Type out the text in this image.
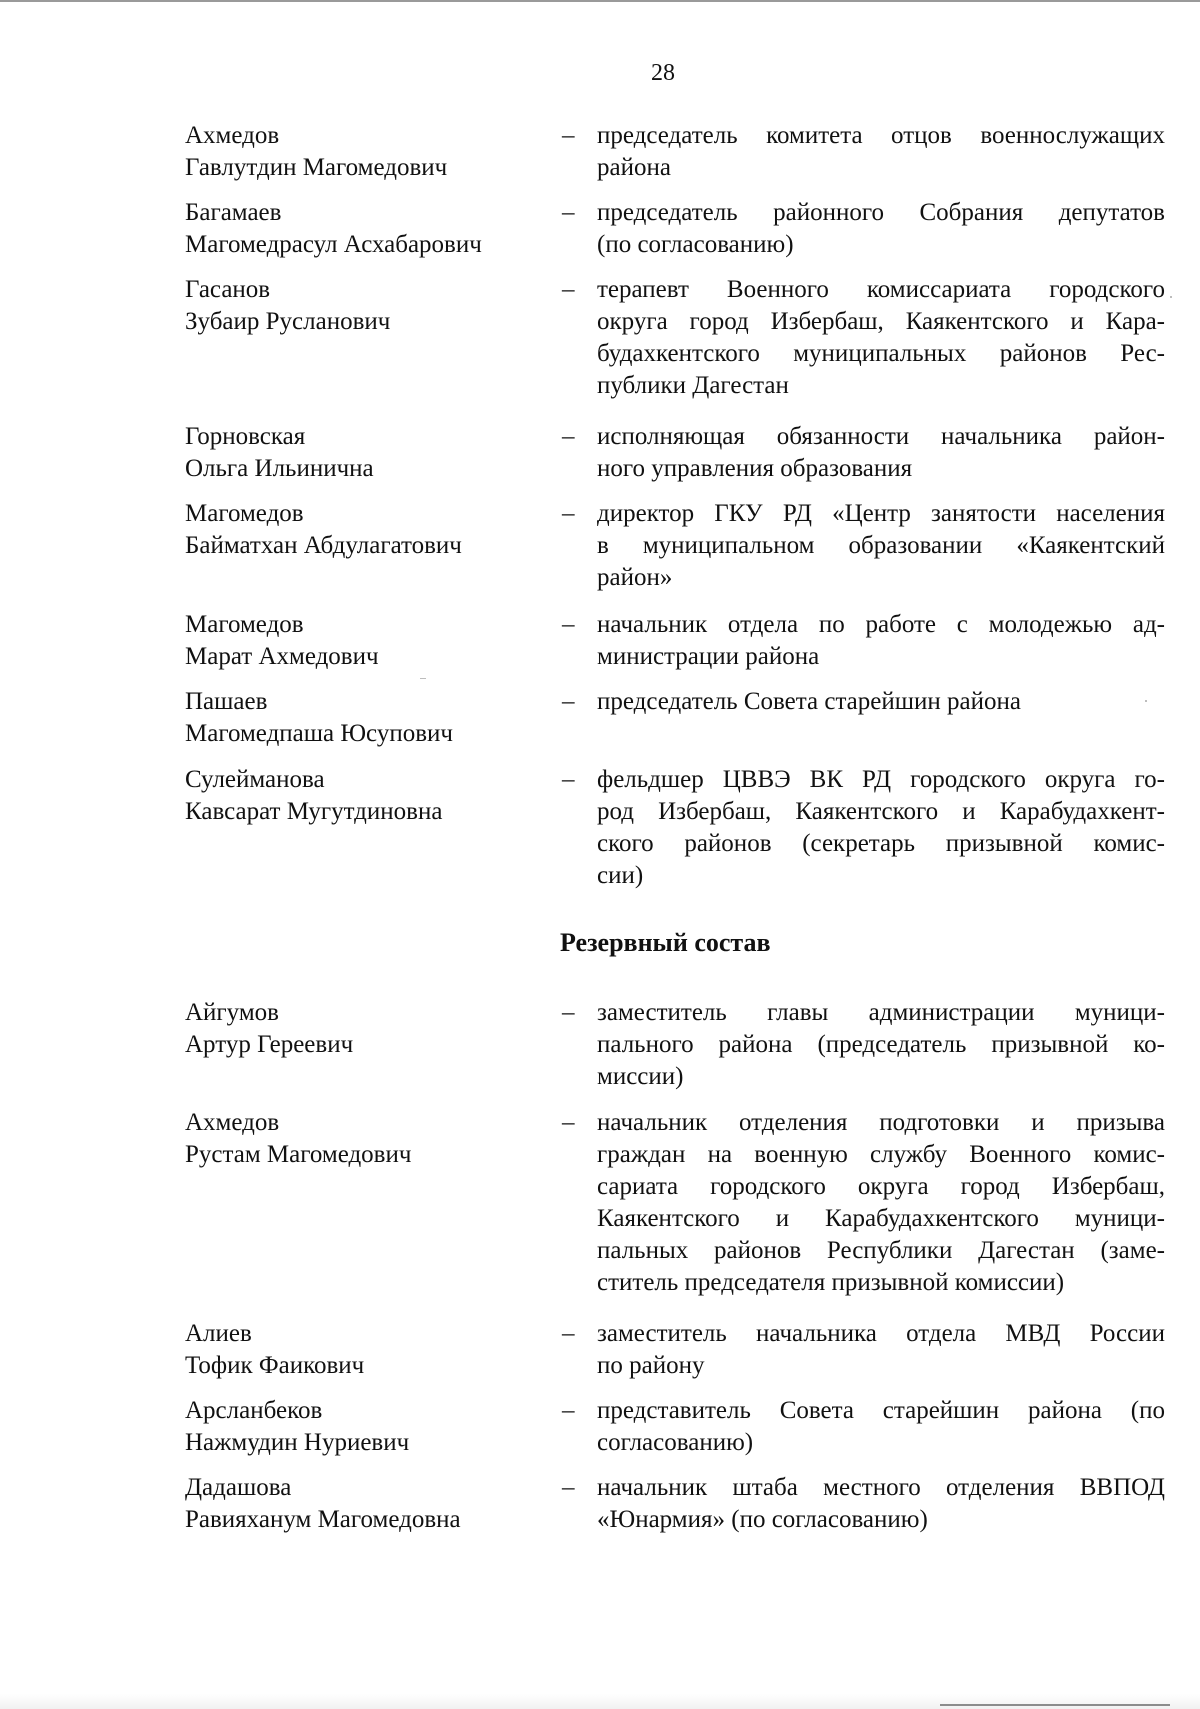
28
Ахмедов
Гавлутдин Магомедович
– председатель комитета отцов военнослужащих
района
Багамаев
Магомедрасул Асхабарович
– председатель районного Собрания депутатов
(по согласованию)
Гасанов
Зубаир Русланович
– терапевт Военного комиссариата городского
округа город Избербаш, Каякентского и Кара-
будахкентского муниципальных районов Рес-
публики Дагестан
Горновская
Ольга Ильинична
– исполняющая обязанности начальника район-
ного управления образования
Магомедов
Байматхан Абдулагатович
– директор ГКУ РД «Центр занятости населения
в муниципальном образовании «Каякентский
район»
Магомедов
Марат Ахмедович
– начальник отдела по работе с молодежью ад-
министрации района
Пашаев
Магомедпаша Юсупович
– председатель Совета старейшин района
Сулейманова
Кавсарат Мугутдиновна
– фельдшер ЦВВЭ ВК РД городского округа го-
род Избербаш, Каякентского и Карабудахкент-
ского районов (секретарь призывной комис-
сии)
Резервный состав
Айгумов
Артур Гереевич
– заместитель главы администрации муници-
пального района (председатель призывной ко-
миссии)
Ахмедов
Рустам Магомедович
– начальник отделения подготовки и призыва
граждан на военную службу Военного комис-
сариата городского округа город Избербаш,
Каякентского и Карабудахкентского муници-
пальных районов Республики Дагестан (заме-
ститель председателя призывной комиссии)
Алиев
Тофик Фаикович
– заместитель начальника отдела МВД России
по району
Арсланбеков
Нажмудин Нуриевич
– представитель Совета старейшин района (по
согласованию)
Дадашова
Равияханум Магомедовна
– начальник штаба местного отделения ВВПОД
«Юнармия» (по согласованию)
